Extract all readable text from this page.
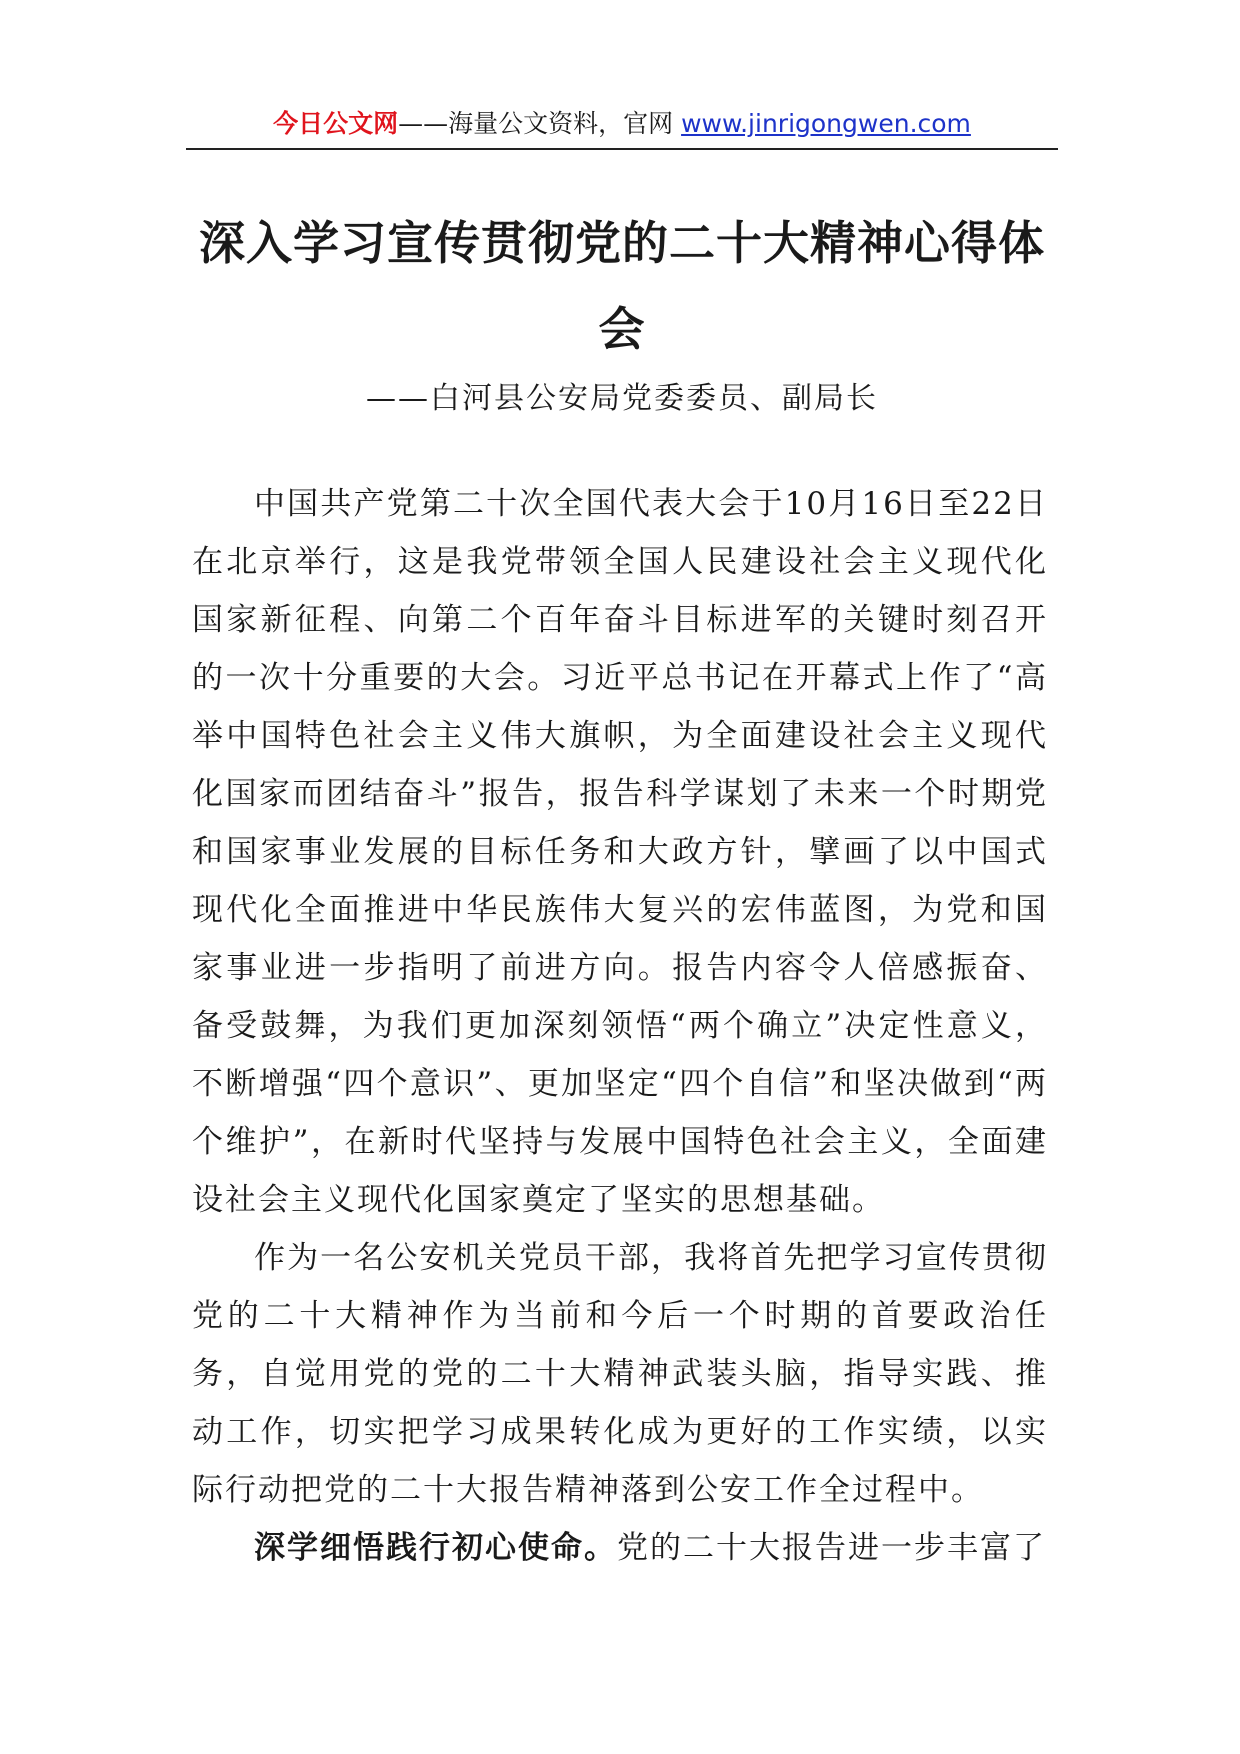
今日公文网——海量公文资料，官网 www.jinrigongwen.com
深入学习宣传贯彻党的二十大精神心得体会
——白河县公安局党委委员、副局长

中国共产党第二十次全国代表大会于10月16日至22日在北京举行，这是我党带领全国人民建设社会主义现代化国家新征程、向第二个百年奋斗目标进军的关键时刻召开的一次十分重要的大会。习近平总书记在开幕式上作了“高举中国特色社会主义伟大旗帜，为全面建设社会主义现代化国家而团结奋斗”报告，报告科学谋划了未来一个时期党和国家事业发展的目标任务和大政方针，擘画了以中国式现代化全面推进中华民族伟大复兴的宏伟蓝图，为党和国家事业进一步指明了前进方向。报告内容令人倍感振奋、备受鼓舞，为我们更加深刻领悟“两个确立”决定性意义，不断增强“四个意识”、更加坚定“四个自信”和坚决做到“两个维护”，在新时代坚持与发展中国特色社会主义，全面建设社会主义现代化国家奠定了坚实的思想基础。

作为一名公安机关党员干部，我将首先把学习宣传贯彻党的二十大精神作为当前和今后一个时期的首要政治任务，自觉用党的党的二十大精神武装头脑，指导实践、推动工作，切实把学习成果转化成为更好的工作实绩，以实际行动把党的二十大报告精神落到公安工作全过程中。

深学细悟践行初心使命。党的二十大报告进一步丰富了
